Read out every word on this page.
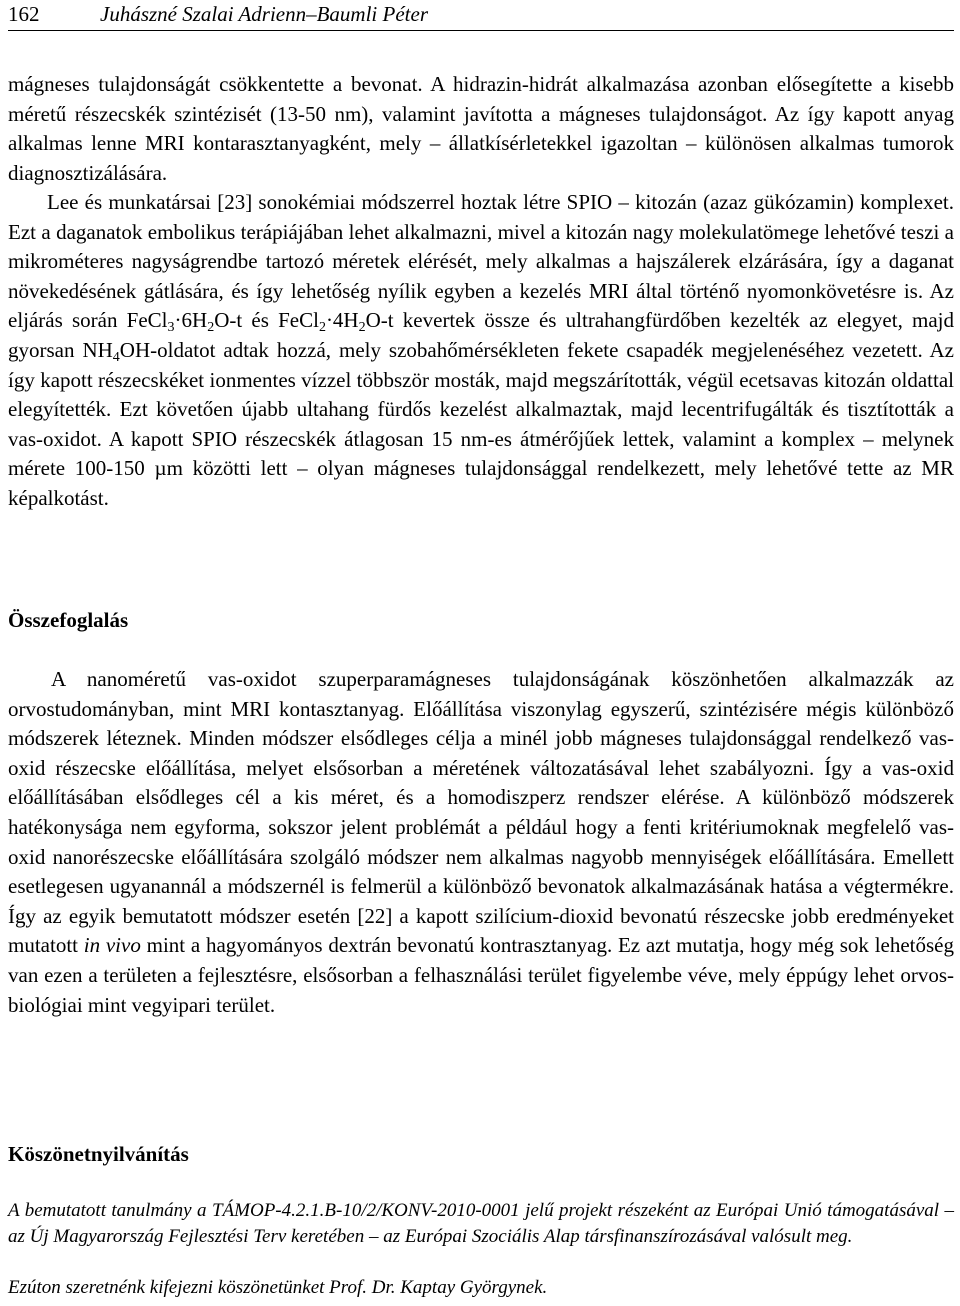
162	Juhászné Szalai Adrienn–Baumli Péter

mágneses tulajdonságát csökkentette a bevonat. A hidrazin-hidrát alkalmazása azonban elősegítette a kisebb méretű részecskék szintézisét (13-50 nm), valamint javította a mágneses tulajdonságot. Az így kapott anyag alkalmas lenne MRI kontarasztanyagként, mely – állatkísérletekkel igazoltan – különösen alkalmas tumorok diagnosztizálására.

Lee és munkatársai [23] sonokémiai módszerrel hoztak létre SPIO – kitozán (azaz gükózamin) komplexet. Ezt a daganatok embolikus terápiájában lehet alkalmazni, mivel a kitozán nagy molekulatömege lehetővé teszi a mikrométeres nagyságrendbe tartozó méretek elérését, mely alkalmas a hajszálerek elzárására, így a daganat növekedésének gátlására, és így lehetőség nyílik egyben a kezelés MRI által történő nyomonkövetésre is. Az eljárás során $FeCl_3\cdot 6H_2O-t$ és $FeCl_2\cdot 4H_2O-t$ kevertek össze és ultrahangfürdőben kezelték az elegyet, majd gyorsan $NH_4OH$-oldatot adtak hozzá, mely szobahőmérsékleten fekete csapadék megjelenéséhez vezetett. Az így kapott részecskéket ionmentes vízzel többször mosták, majd megszárították, végül ecetsavas kitozán oldattal elegyítették. Ezt követően újabb ultahang fürdős kezelést alkalmaztak, majd lecentrifugálták és tisztították a vas-oxidot. A kapott SPIO részecskék átlagosan 15 nm-es átmérőjűek lettek, valamint a komplex – melynek mérete 100-150 µm közötti lett – olyan mágneses tulajdonsággal rendelkezett, mely lehetővé tette az MR képalkotást.

Összefoglalás

A nanoméretű vas-oxidot szuperparamágneses tulajdonságának köszönhetően alkalmazzák az orvostudományban, mint MRI kontasztanyag. Előállítása viszonylag egyszerű, szintézisére mégis különböző módszerek léteznek. Minden módszer elsődleges célja a minél jobb mágneses tulajdonsággal rendelkező vas-oxid részecske előállítása, melyet elsősorban a méretének változatásával lehet szabályozni. Így a vas-oxid előállításában elsődleges cél a kis méret, és a homodiszperz rendszer elérése. A különböző módszerek hatékonysága nem egyforma, sokszor jelent problémát a például hogy a fenti kritériumoknak megfelelő vas-oxid nanorészecske előállítására szolgáló módszer nem alkalmas nagyobb mennyiségek előállítására. Emellett esetlegesen ugyanannál a módszernél is felmerül a különböző bevonatok alkalmazásának hatása a végtermékre. Így az egyik bemutatott módszer esetén [22] a kapott szilícium-dioxid bevonatú részecske jobb eredményeket mutatott in vivo mint a hagyományos dextrán bevonatú kontrasztanyag. Ez azt mutatja, hogy még sok lehetőség van ezen a területen a fejlesztésre, elsősorban a felhasználási terület figyelembe véve, mely éppúgy lehet orvos-biológiai mint vegyipari terület.

Köszönetnyilvánítás

A bemutatott tanulmány a TÁMOP-4.2.1.B-10/2/KONV-2010-0001 jelű projekt részeként az Európai Unió támogatásával – az Új Magyarország Fejlesztési Terv keretében – az Európai Szociális Alap társfinanszírozásával valósult meg.

Ezúton szeretnénk kifejezni köszönetünket Prof. Dr. Kaptay Györgynek.
